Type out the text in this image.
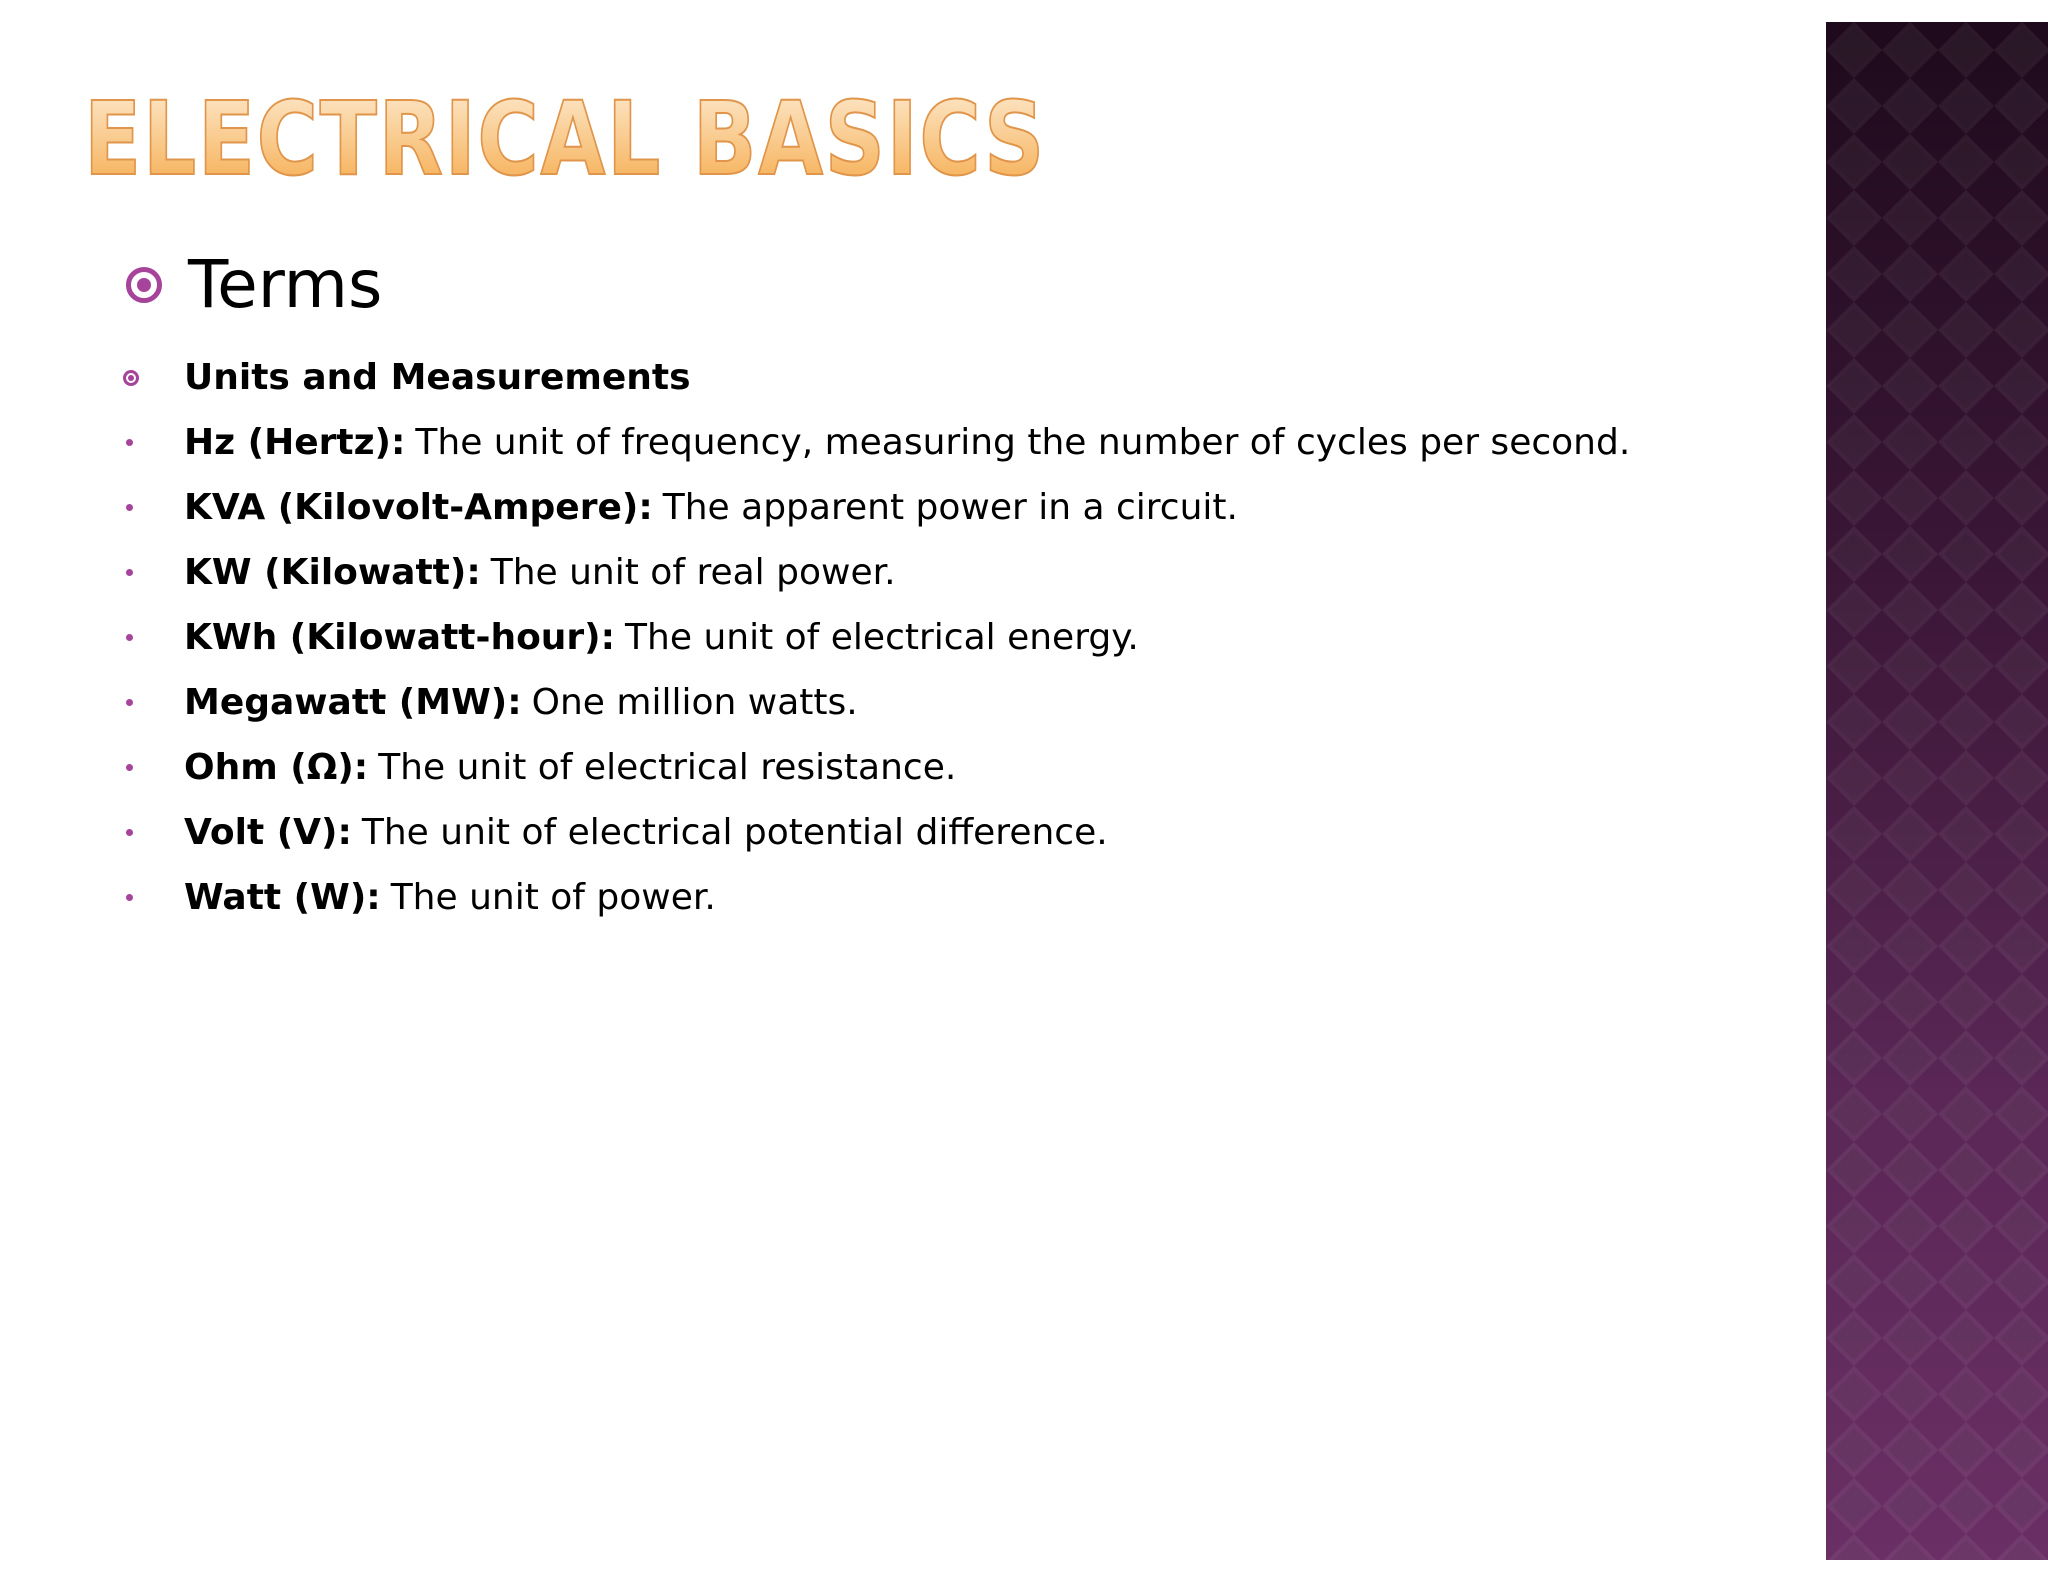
ELECTRICAL BASICS
Terms
Units and Measurements
Hz (Hertz): The unit of frequency, measuring the number of cycles per second.
KVA (Kilovolt-Ampere): The apparent power in a circuit.
KW (Kilowatt): The unit of real power.
KWh (Kilowatt-hour): The unit of electrical energy.
Megawatt (MW): One million watts.
Ohm (Ω): The unit of electrical resistance.
Volt (V): The unit of electrical potential difference.
Watt (W): The unit of power.
